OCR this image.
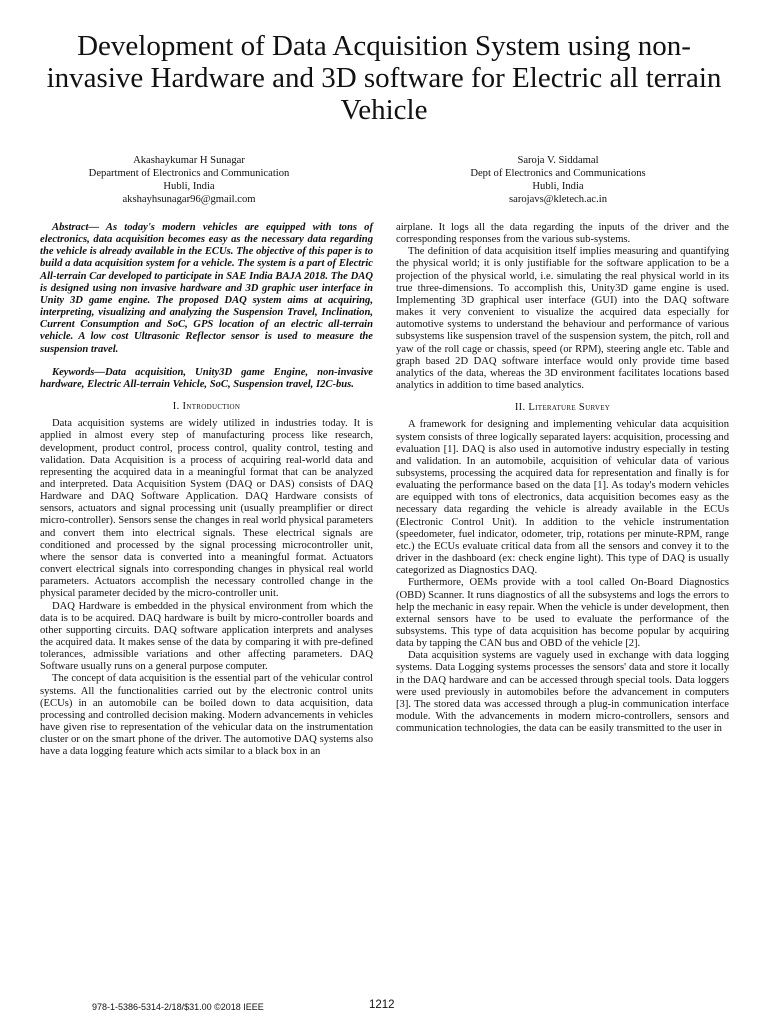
Development of Data Acquisition System using non-invasive Hardware and 3D software for Electric all terrain Vehicle
Akashaykumar H Sunagar
Department of Electronics and Communication
Hubli, India
akshayhsunagar96@gmail.com
Saroja V. Siddamal
Dept of Electronics and Communications
Hubli, India
sarojavs@kletech.ac.in

Abstract— As today's modern vehicles are equipped with tons of electronics, data acquisition becomes easy as the necessary data regarding the vehicle is already available in the ECUs. The objective of this paper is to build a data acquisition system for a vehicle. The system is a part of Electric All-terrain Car developed to participate in SAE India BAJA 2018. The DAQ is designed using non invasive hardware and 3D graphic user interface in Unity 3D game engine. The proposed DAQ system aims at acquiring, interpreting, visualizing and analyzing the Suspension Travel, Inclination, Current Consumption and SoC, GPS location of an electric all-terrain vehicle. A low cost Ultrasonic Reflector sensor is used to measure the suspension travel.

Keywords—Data acquisition, Unity3D game Engine, non-invasive hardware, Electric All-terrain Vehicle, SoC, Suspension travel, I2C-bus.

I. Introduction

Data acquisition systems are widely utilized in industries today. It is applied in almost every step of manufacturing process like research, development, product control, process control, quality control, testing and validation. Data Acquisition is a process of acquiring real-world data and representing the acquired data in a meaningful format that can be analyzed and interpreted. Data Acquisition System (DAQ or DAS) consists of DAQ Hardware and DAQ Software Application. DAQ Hardware consists of sensors, actuators and signal processing unit (usually preamplifier or direct micro-controller). Sensors sense the changes in real world physical parameters and convert them into electrical signals. These electrical signals are conditioned and processed by the signal processing microcontroller unit, where the sensor data is converted into a meaningful format. Actuators convert electrical signals into corresponding changes in physical real world parameters. Actuators accomplish the necessary controlled change in the physical parameter decided by the micro-controller unit.

DAQ Hardware is embedded in the physical environment from which the data is to be acquired. DAQ hardware is built by micro-controller boards and other supporting circuits. DAQ software application interprets and analyses the acquired data. It makes sense of the data by comparing it with pre-defined tolerances, admissible variations and other affecting parameters. DAQ Software usually runs on a general purpose computer.

The concept of data acquisition is the essential part of the vehicular control systems. All the functionalities carried out by the electronic control units (ECUs) in an automobile can be boiled down to data acquisition, data processing and controlled decision making. Modern advancements in vehicles have given rise to representation of the vehicular data on the instrumentation cluster or on the smart phone of the driver. The automotive DAQ systems also have a data logging feature which acts similar to a black box in an

airplane. It logs all the data regarding the inputs of the driver and the corresponding responses from the various sub-systems.

The definition of data acquisition itself implies measuring and quantifying the physical world; it is only justifiable for the software application to be a projection of the physical world, i.e. simulating the real physical world in its true three-dimensions. To accomplish this, Unity3D game engine is used. Implementing 3D graphical user interface (GUI) into the DAQ software makes it very convenient to visualize the acquired data especially for automotive systems to understand the behaviour and performance of various subsystems like suspension travel of the suspension system, the pitch, roll and yaw of the roll cage or chassis, speed (or RPM), steering angle etc. Table and graph based 2D DAQ software interface would only provide time based analytics of the data, whereas the 3D environment facilitates locations based analytics in addition to time based analytics.

II. Literature Survey

A framework for designing and implementing vehicular data acquisition system consists of three logically separated layers: acquisition, processing and evaluation [1]. DAQ is also used in automotive industry especially in testing and validation. In an automobile, acquisition of vehicular data of various subsystems, processing the acquired data for representation and finally is for evaluating the performance based on the data [1]. As today's modern vehicles are equipped with tons of electronics, data acquisition becomes easy as the necessary data regarding the vehicle is already available in the ECUs (Electronic Control Unit). In addition to the vehicle instrumentation (speedometer, fuel indicator, odometer, trip, rotations per minute-RPM, range etc.) the ECUs evaluate critical data from all the sensors and convey it to the driver in the dashboard (ex: check engine light). This type of DAQ is usually categorized as Diagnostics DAQ.

Furthermore, OEMs provide with a tool called On-Board Diagnostics (OBD) Scanner. It runs diagnostics of all the subsystems and logs the errors to help the mechanic in easy repair. When the vehicle is under development, then external sensors have to be used to evaluate the performance of the subsystems. This type of data acquisition has become popular by acquiring data by tapping the CAN bus and OBD of the vehicle [2].

Data acquisition systems are vaguely used in exchange with data logging systems. Data Logging systems processes the sensors' data and store it locally in the DAQ hardware and can be accessed through special tools. Data loggers were used previously in automobiles before the advancement in computers [3]. The stored data was accessed through a plug-in communication interface module. With the advancements in modern micro-controllers, sensors and communication technologies, the data can be easily transmitted to the user in

978-1-5386-5314-2/18/$31.00 ©2018 IEEE	1212
